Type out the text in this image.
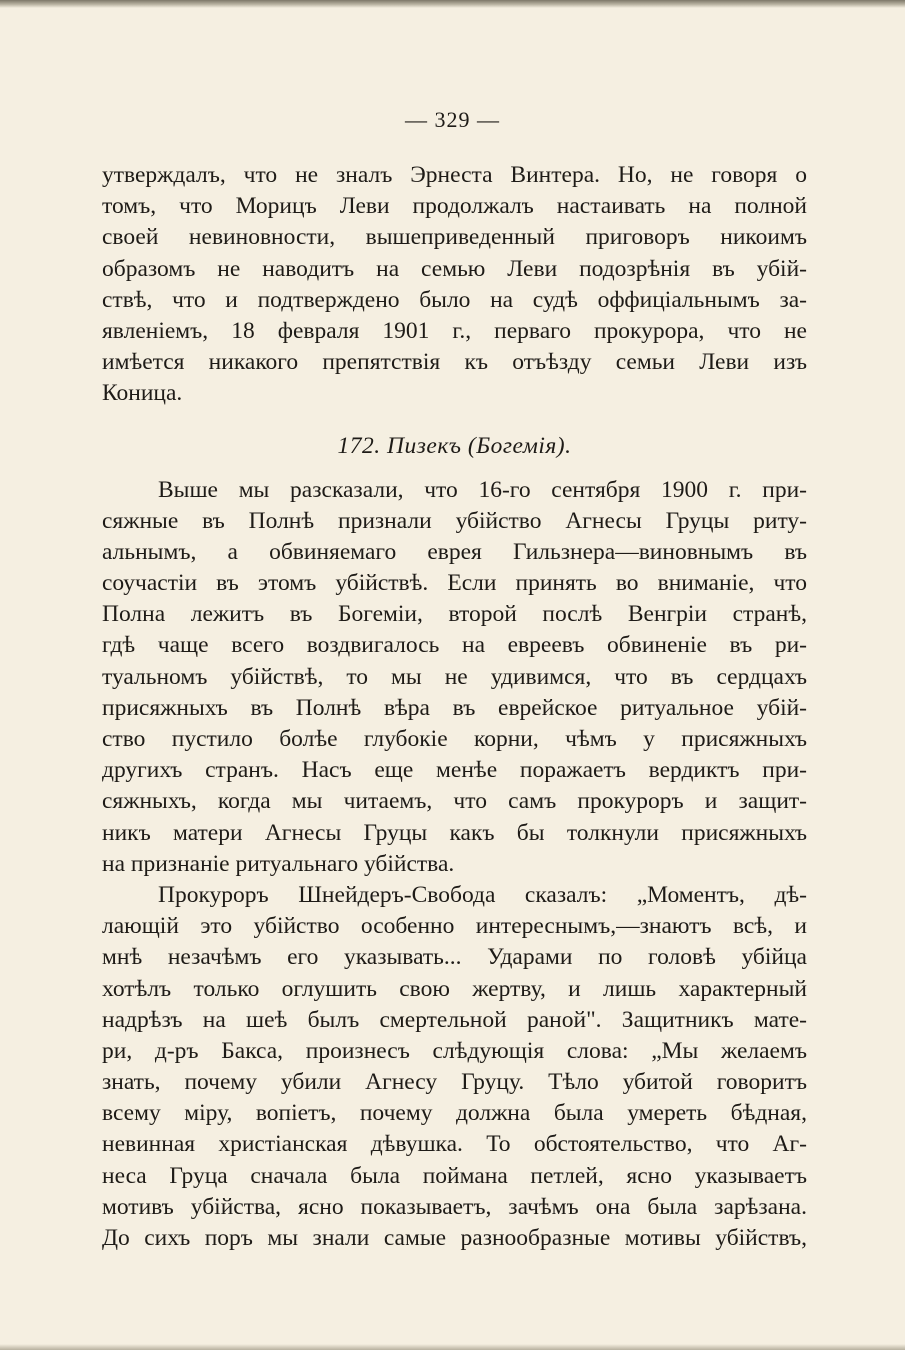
— 329 —
утверждалъ, что не зналъ Эрнеста Винтера. Но, не говоря о
томъ, что Морицъ Леви продолжалъ настаивать на полной
своей невиновности, вышеприведенный приговоръ никоимъ
образомъ не наводитъ на семью Леви подозрѣнія въ убій-
ствѣ, что и подтверждено было на судѣ оффиціальнымъ за-
явленіемъ, 18 февраля 1901 г., перваго прокурора, что не
имѣется никакого препятствія къ отъѣзду семьи Леви изъ
Коница.
172. Пизекъ (Богемія).
Выше мы разсказали, что 16-го сентября 1900 г. при-
сяжные въ Полнѣ признали убійство Агнесы Груцы риту-
альнымъ, а обвиняемаго еврея Гильзнера—виновнымъ въ
соучастіи въ этомъ убійствѣ. Если принять во вниманіе, что
Полна лежитъ въ Богеміи, второй послѣ Венгріи странѣ,
гдѣ чаще всего воздвигалось на евреевъ обвиненіе въ ри-
туальномъ убійствѣ, то мы не удивимся, что въ сердцахъ
присяжныхъ въ Полнѣ вѣра въ еврейское ритуальное убій-
ство пустило болѣе глубокіе корни, чѣмъ у присяжныхъ
другихъ странъ. Насъ еще менѣе поражаетъ вердиктъ при-
сяжныхъ, когда мы читаемъ, что самъ прокуроръ и защит-
никъ матери Агнесы Груцы какъ бы толкнули присяжныхъ
на признаніе ритуальнаго убійства.
Прокуроръ Шнейдеръ-Свобода сказалъ: „Моментъ, дѣ-
лающій это убійство особенно интереснымъ,—знаютъ всѣ, и
мнѣ незачѣмъ его указывать... Ударами по головѣ убійца
хотѣлъ только оглушить свою жертву, и лишь характерный
надрѣзъ на шеѣ былъ смертельной раной". Защитникъ мате-
ри, д-ръ Бакса, произнесъ слѣдующія слова: „Мы желаемъ
знать, почему убили Агнесу Груцу. Тѣло убитой говоритъ
всему міру, вопіетъ, почему должна была умереть бѣдная,
невинная христіанская дѣвушка. То обстоятельство, что Аг-
неса Груца сначала была поймана петлей, ясно указываетъ
мотивъ убійства, ясно показываетъ, зачѣмъ она была зарѣзана.
До сихъ поръ мы знали самые разнообразные мотивы убійствъ,
